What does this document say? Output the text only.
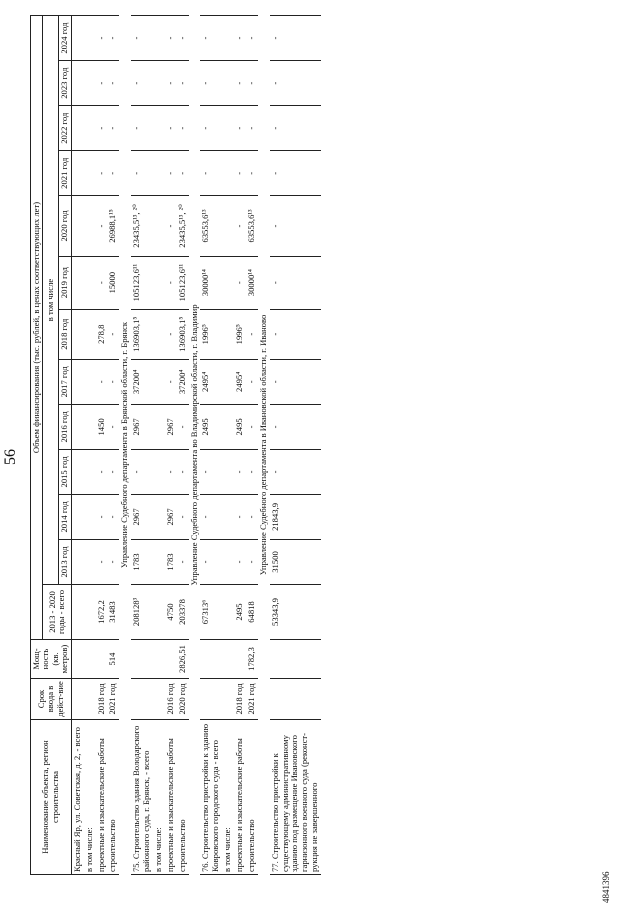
56
4841396
Наименование объекта, регион строительства	Срок ввода в дейст-вие	Мощ-ность (кв. метров)	Объем финансирования (тыс. рублей, в ценах соответствующих лет)												
			2013 - 2020 годы - всего	в том числе											
				2013 год	2014 год	2015 год	2016 год	2017 год	2018 год	2019 год	2020 год	2021 год	2022 год	2023 год	2024 год
Красный Яр, ул. Советская, д. 2, - всего															
в том числе:															
проектные и изыскательские работы	2018 год		1672,2	-	-	-	1450	-	278,8	-	-	-	-	-	-
строительство	2021 год	514	31483	-	-	-	-	-	-	15000	26988,1¹⁵	-	-	-	-
Управление Судебного департамента в Брянской области, г. Брянск															
75. Строительство здания Володарского районного суда, г. Брянск, - всего			208128³	1783	2967	-	2967	37200⁴	136903,1⁵	105123,6¹¹	23435,5¹³, ²⁰	-	-	-	-
в том числе:															
проектные и изыскательские работы	2016 год		4750	1783	2967	-	2967	-	-	-	-	-	-	-	-
строительство	2020 год	2826,51	203378	-	-	-	-	37200⁴	136903,1⁵	105123,6¹¹	23435,5¹³, ²⁰	-	-	-	-
Управление Судебного департамента во Владимирской области, г. Владимир															
76. Строительство пристройки к зданию Ковровского городского суда - всего			67313⁶	-	-	-	2495	2495⁴	1996⁵	30000¹⁴	63553,6¹³	-	-	-	-
в том числе:															
проектные и изыскательские работы	2018 год		2495	-	-	-	2495	2495⁴	1996⁵	-	-	-	-	-	-
строительство	2021 год	1782,3	64818	-	-	-	-	-	-	30000¹⁴	63553,6¹³	-	-	-	-
Управление Судебного департамента в Ивановской области, г. Иваново															
77. Строительство пристройки к существующему административному зданию под размещение Ивановского гарнизонного военного суда (реконст-рукция не завершенного			53343,9	31500	21843,9	-	-	-	-	-	-	-	-	-	-
